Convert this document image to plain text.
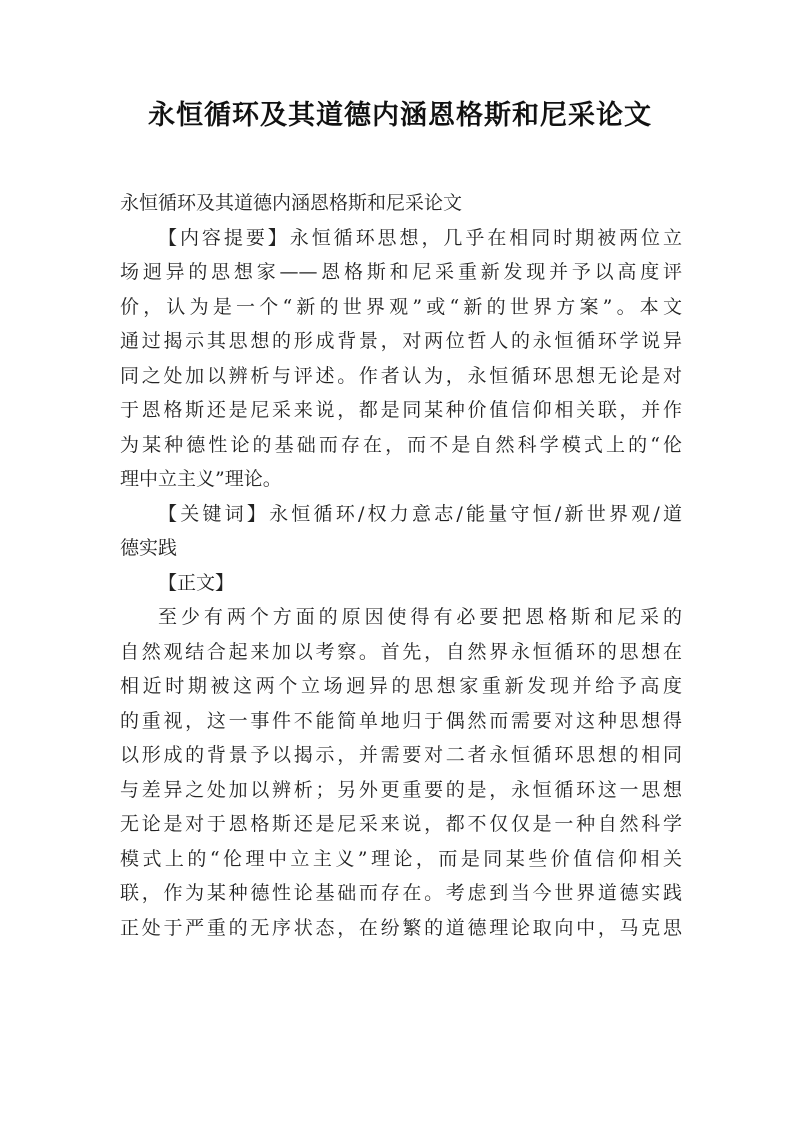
永恒循环及其道德内涵恩格斯和尼采论文
永恒循环及其道德内涵恩格斯和尼采论文
【内容提要】永恒循环思想，几乎在相同时期被两位立
场迥异的思想家——恩格斯和尼采重新发现并予以高度评
价，认为是一个“新的世界观”或“新的世界方案”。本文
通过揭示其思想的形成背景，对两位哲人的永恒循环学说异
同之处加以辨析与评述。作者认为，永恒循环思想无论是对
于恩格斯还是尼采来说，都是同某种价值信仰相关联，并作
为某种德性论的基础而存在，而不是自然科学模式上的“伦
理中立主义”理论。
【关键词】永恒循环/权力意志/能量守恒/新世界观/道
德实践
【正文】
至少有两个方面的原因使得有必要把恩格斯和尼采的
自然观结合起来加以考察。首先，自然界永恒循环的思想在
相近时期被这两个立场迥异的思想家重新发现并给予高度
的重视，这一事件不能简单地归于偶然而需要对这种思想得
以形成的背景予以揭示，并需要对二者永恒循环思想的相同
与差异之处加以辨析；另外更重要的是，永恒循环这一思想
无论是对于恩格斯还是尼采来说，都不仅仅是一种自然科学
模式上的“伦理中立主义”理论，而是同某些价值信仰相关
联，作为某种德性论基础而存在。考虑到当今世界道德实践
正处于严重的无序状态，在纷繁的道德理论取向中，马克思
